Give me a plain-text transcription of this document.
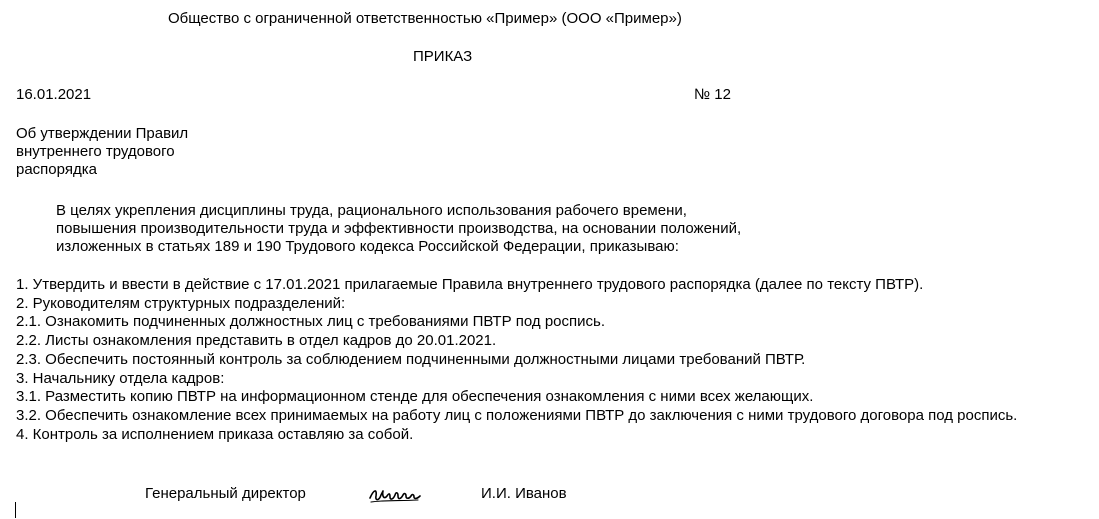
Общество с ограниченной ответственностью «Пример» (ООО «Пример»)
ПРИКАЗ
16.01.2021	№ 12
Об утверждении Правил
внутреннего трудового
распорядка
В целях укрепления дисциплины труда, рационального использования рабочего времени,
повышения производительности труда и эффективности производства, на основании положений,
изложенных в статьях 189 и 190 Трудового кодекса Российской Федерации, приказываю:
1. Утвердить и ввести в действие с 17.01.2021 прилагаемые Правила внутреннего трудового распорядка (далее по тексту ПВТР).
2. Руководителям структурных подразделений:
2.1. Ознакомить подчиненных должностных лиц с требованиями ПВТР под роспись.
2.2. Листы ознакомления представить в отдел кадров до 20.01.2021.
2.3. Обеспечить постоянный контроль за соблюдением подчиненными должностными лицами требований ПВТР.
3. Начальнику отдела кадров:
3.1. Разместить копию ПВТР на информационном стенде для обеспечения ознакомления с ними всех желающих.
3.2. Обеспечить ознакомление всех принимаемых на работу лиц с положениями ПВТР до заключения с ними трудового договора под роспись.
4. Контроль за исполнением приказа оставляю за собой.
Генеральный директор	И.И. Иванов
